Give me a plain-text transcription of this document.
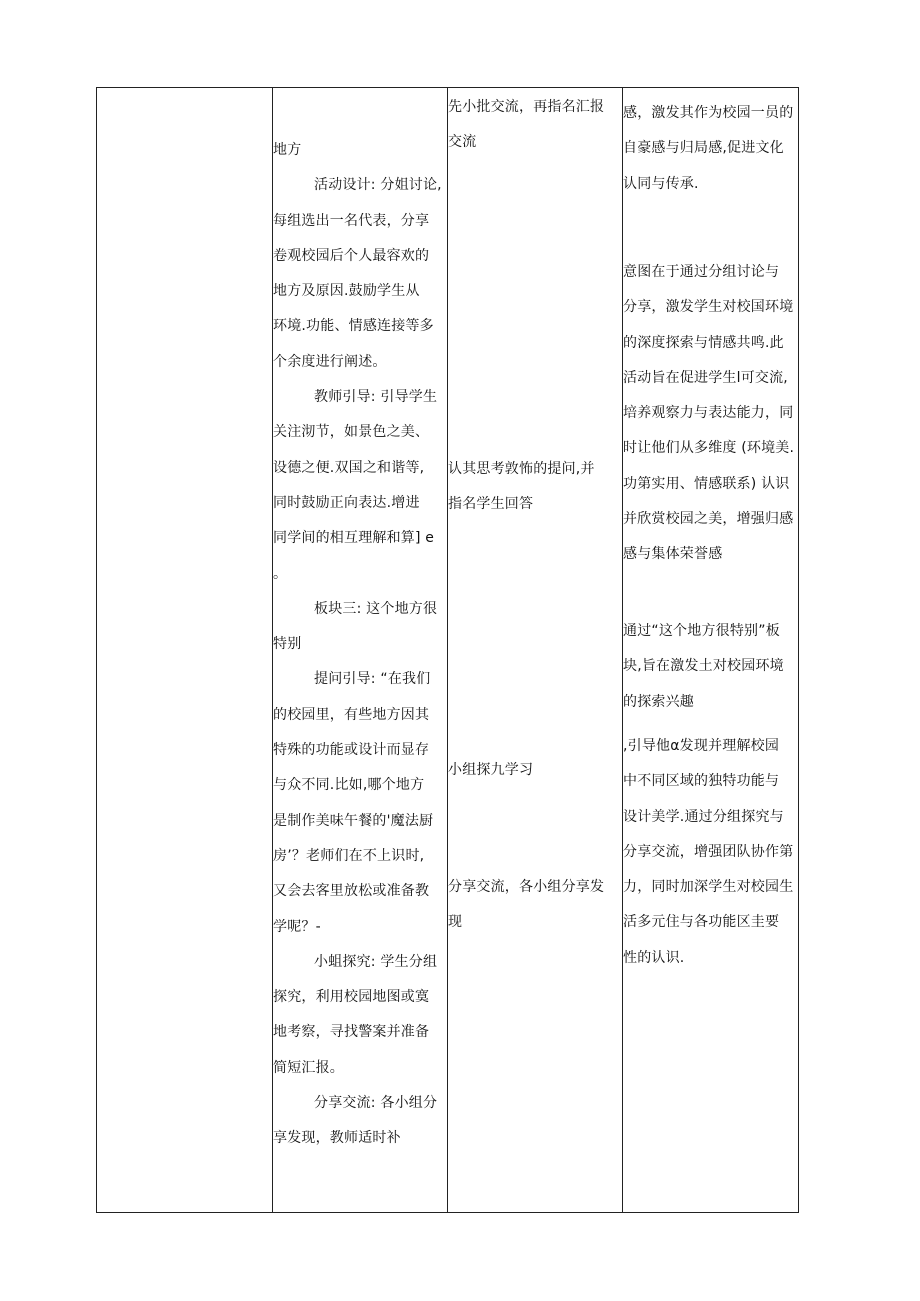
地方

活动设计: 分姐讨论,

每组选出一名代表，分享

卷观校园后个人最容欢的

地方及原因.鼓励学生从

环境.功能、情感连接等多

个余度进行阐述。

教师引导: 引导学生

关注沏节，如景色之美、

设德之便.双国之和谐等,

同时鼓励正向表达.增进

同学间的相互理解和算] e

。

板块三: 这个地方很

特别

提问引导: “在我们

的校园里，有些地方因其

特殊的功能或设计而显存

与众不同.比如,哪个地方

是制作美味午餐的'魔法厨

房’？老师们在不上识时,

又会去客里放松或准备教

学呢？-

小蛆探究: 学生分组

探究，利用校园地图或寞

地考察，寻找警案并准备

简短汇报。

分享交流: 各小组分

享发现，教师适时补

先小批交流，再指名汇报

交流

认其思考敦怖的提问,并

指名学生回答

小组探九学习

分享交流，各小组分享发

现

感，激发其作为校园一员的

自豪感与归局感,促进文化

认同与传承.

意图在于通过分组讨论与

分享，激发学生对校国环境

的深度探索与情感共鸣.此

活动旨在促进学生l可交流,

培养观察力与表达能力，同

时让他们从多维度 (环境美.

功第实用、情感联系) 认识

并欣赏校园之美，增强归感

感与集体荣誉感

通过“这个地方很特别”板

块,旨在激发土对校园环境

的探索兴趣

,引导他α发现并理解校园

中不同区域的独特功能与

设计美学.通过分组探究与

分享交流，增强团队协作第

力，同时加深学生对校园生

活多元住与各功能区圭要

性的认识.
